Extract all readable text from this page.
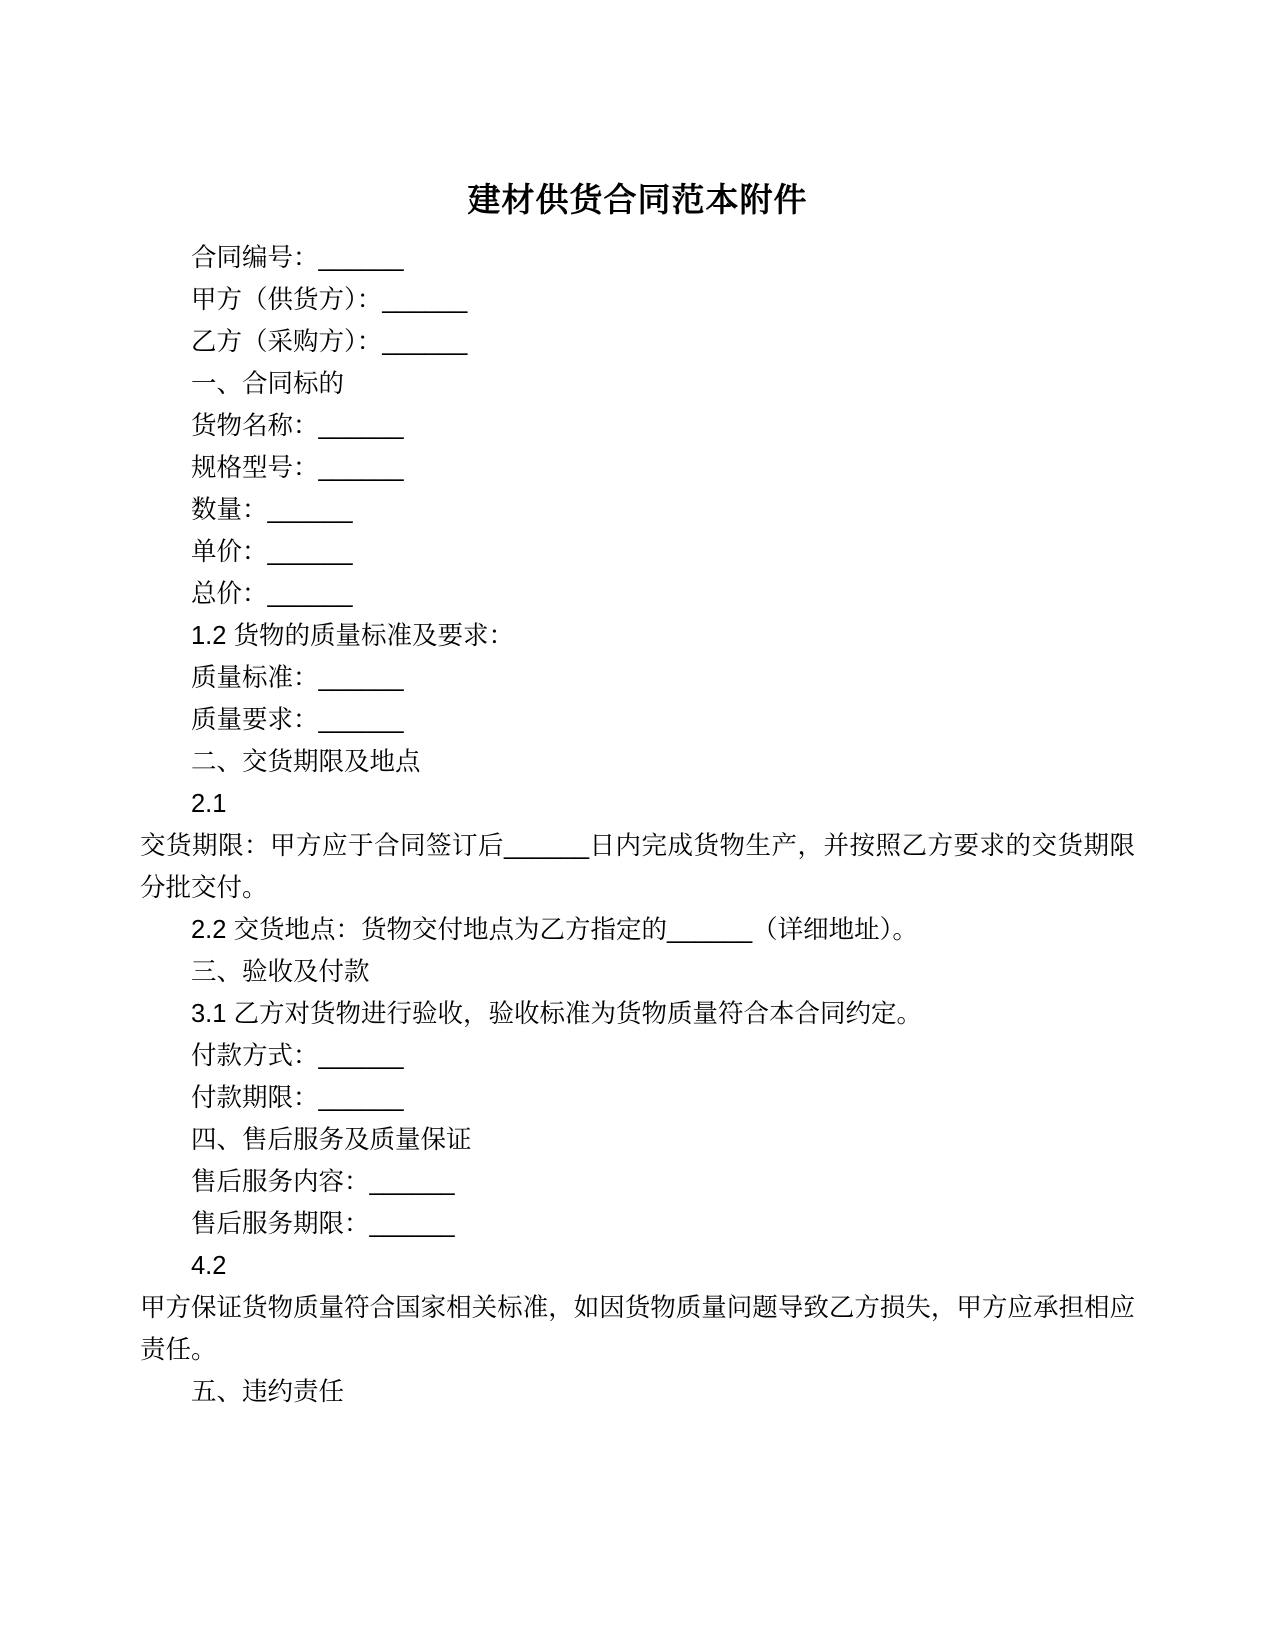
建材供货合同范本附件

合同编号：______

甲方（供货方）：______

乙方（采购方）：______

一、合同标的

货物名称：______

规格型号：______

数量：______

单价：______

总价：______

1.2 货物的质量标准及要求：

质量标准：______

质量要求：______

二、交货期限及地点

2.1

交货期限：甲方应于合同签订后______日内完成货物生产，并按照乙方要求的交货期限分批交付。

2.2 交货地点：货物交付地点为乙方指定的______（详细地址）。

三、验收及付款

3.1 乙方对货物进行验收，验收标准为货物质量符合本合同约定。

付款方式：______

付款期限：______

四、售后服务及质量保证

售后服务内容：______

售后服务期限：______

4.2

甲方保证货物质量符合国家相关标准，如因货物质量问题导致乙方损失，甲方应承担相应责任。

五、违约责任
